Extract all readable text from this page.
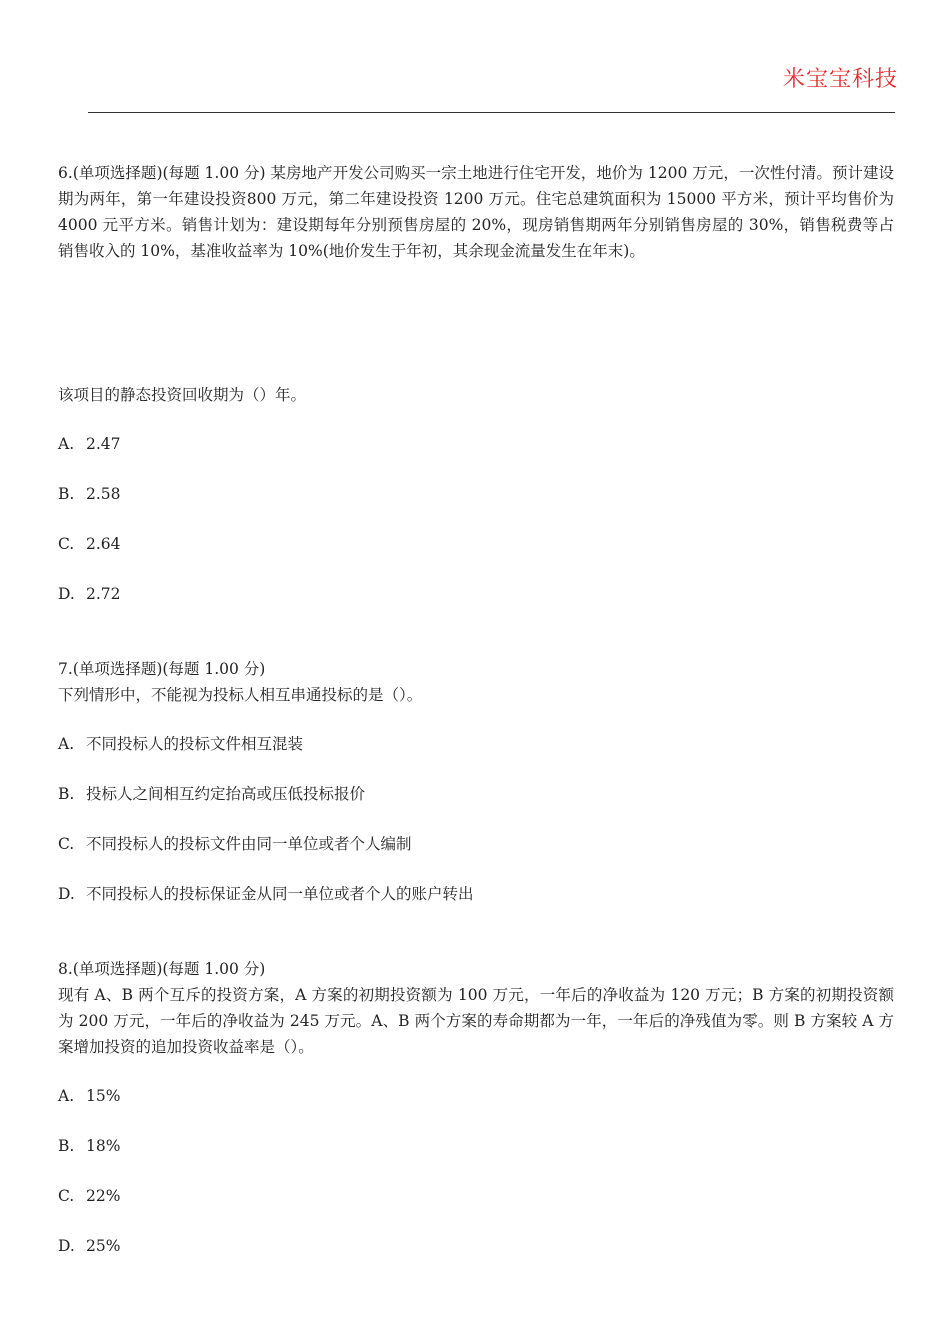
米宝宝科技

6.(单项选择题)(每题 1.00 分) 某房地产开发公司购买一宗土地进行住宅开发，地价为 1200 万元，一次性付清。预计建设期为两年，第一年建设投资800 万元，第二年建设投资 1200 万元。住宅总建筑面积为 15000 平方米，预计平均售价为 4000 元平方米。销售计划为：建设期每年分别预售房屋的 20%，现房销售期两年分别销售房屋的 30%，销售税费等占销售收入的 10%，基准收益率为 10%(地价发生于年初，其余现金流量发生在年末)。

该项目的静态投资回收期为（）年。

A. 2.47

B. 2.58

C. 2.64

D. 2.72

7.(单项选择题)(每题 1.00 分)

下列情形中，不能视为投标人相互串通投标的是（）。

A. 不同投标人的投标文件相互混装

B. 投标人之间相互约定抬高或压低投标报价

C. 不同投标人的投标文件由同一单位或者个人编制

D. 不同投标人的投标保证金从同一单位或者个人的账户转出

8.(单项选择题)(每题 1.00 分)

现有 A、B 两个互斥的投资方案，A 方案的初期投资额为 100 万元，一年后的净收益为 120 万元；B 方案的初期投资额为 200 万元，一年后的净收益为 245 万元。A、B 两个方案的寿命期都为一年，一年后的净残值为零。则 B 方案较 A 方案增加投资的追加投资收益率是（）。

A. 15%

B. 18%

C. 22%

D. 25%
